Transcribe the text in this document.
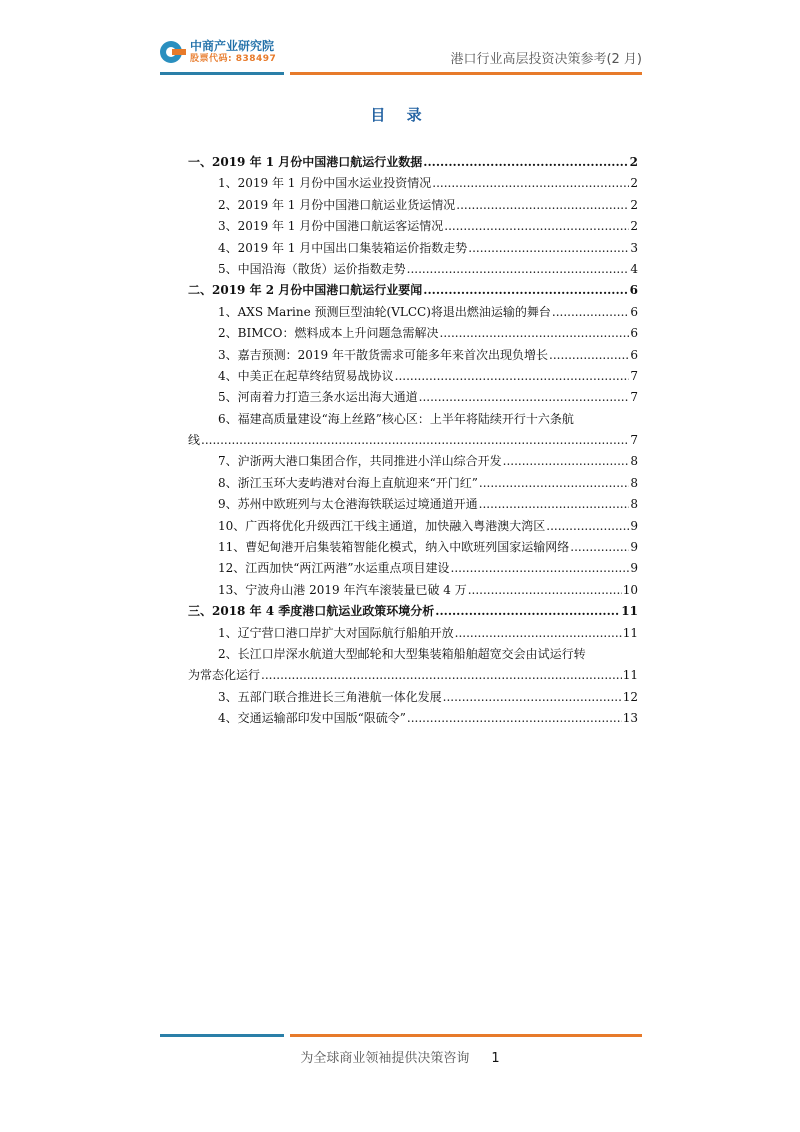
中商产业研究院
股票代码: 838497	港口行业高层投资决策参考(2 月)
目 录
一、2019 年 1 月份中国港口航运行业数据 .....	2
1、2019 年 1 月份中国水运业投资情况 .....	2
2、2019 年 1 月份中国港口航运业货运情况 .....	2
3、2019 年 1 月份中国港口航运客运情况 .....	2
4、2019 年 1 月中国出口集装箱运价指数走势 .....	3
5、中国沿海（散货）运价指数走势 .....	4
二、2019 年 2 月份中国港口航运行业要闻 .....	6
1、AXS Marine 预测巨型油轮(VLCC)将退出燃油运输的舞台 .....	6
2、BIMCO：燃料成本上升问题急需解决 .....	6
3、嘉吉预测：2019 年干散货需求可能多年来首次出现负增长 .....	6
4、中美正在起草终结贸易战协议 .....	7
5、河南着力打造三条水运出海大通道 .....	7
6、福建高质量建设“海上丝路”核心区：上半年将陆续开行十六条航
线 .....	7
7、沪浙两大港口集团合作，共同推进小洋山综合开发 .....	8
8、浙江玉环大麦屿港对台海上直航迎来“开门红” .....	8
9、苏州中欧班列与太仓港海铁联运过境通道开通 .....	8
10、广西将优化升级西江干线主通道，加快融入粤港澳大湾区 .....	9
11、曹妃甸港开启集装箱智能化模式，纳入中欧班列国家运输网络 .....	9
12、江西加快“两江两港”水运重点项目建设 .....	9
13、宁波舟山港 2019 年汽车滚装量已破 4 万 .....	10
三、2018 年 4 季度港口航运业政策环境分析 .....	11
1、辽宁营口港口岸扩大对国际航行船舶开放 .....	11
2、长江口岸深水航道大型邮轮和大型集装箱船舶超宽交会由试运行转
为常态化运行 .....	11
3、五部门联合推进长三角港航一体化发展 .....	12
4、交通运输部印发中国版“限硫令” .....	13
为全球商业领袖提供决策咨询 1
